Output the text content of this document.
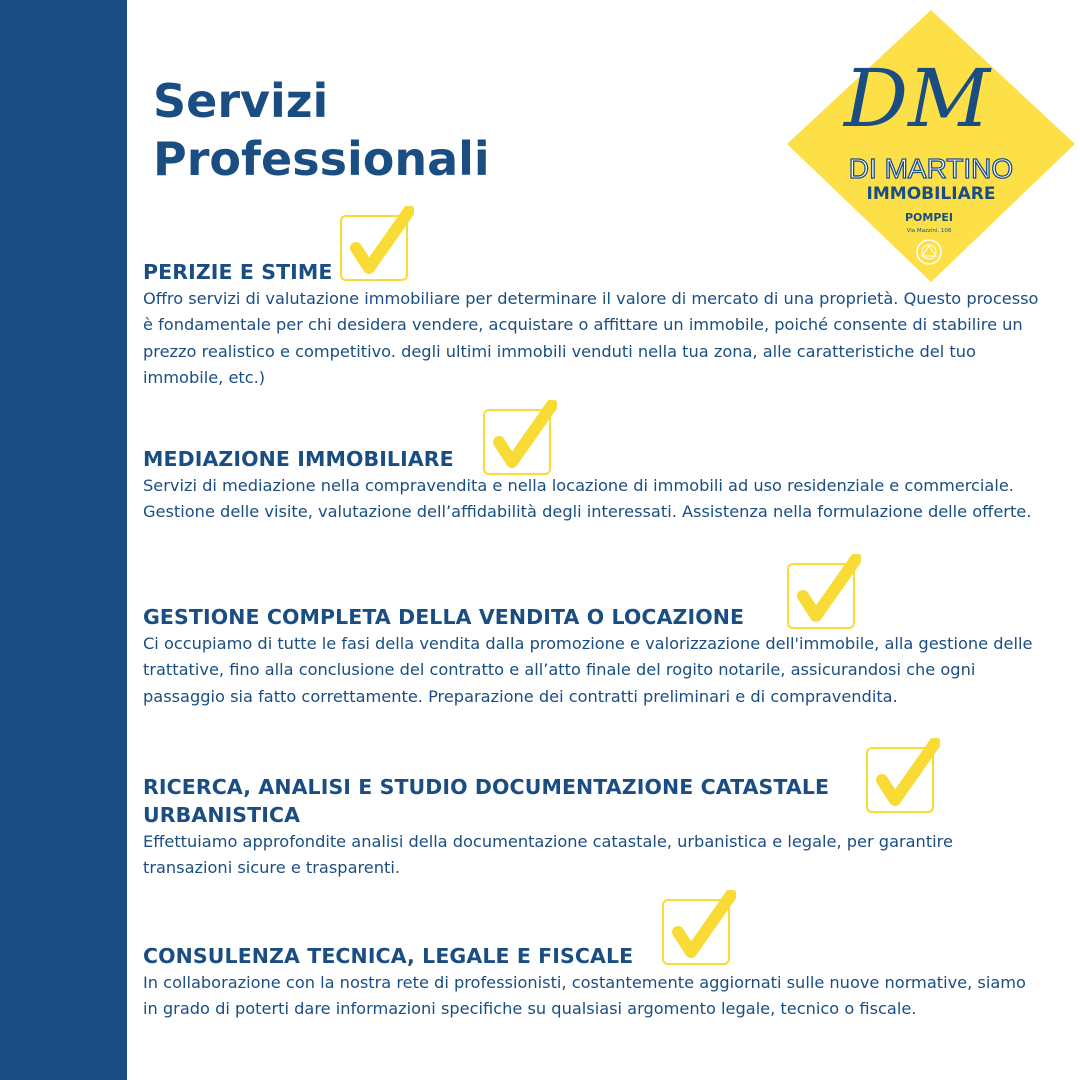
Servizi
Professionali
DM
DI MARTINO
IMMOBILIARE
POMPEI
Via Mazzini, 108
PERIZIE E STIME

Offro servizi di valutazione immobiliare per determinare il valore di mercato di una proprietà. Questo processo è fondamentale per chi desidera vendere, acquistare o affittare un immobile, poiché consente di stabilire un prezzo realistico e competitivo. degli ultimi immobili venduti nella tua zona, alle caratteristiche del tuo immobile, etc.)

MEDIAZIONE IMMOBILIARE

Servizi di mediazione nella compravendita e nella locazione di immobili ad uso residenziale e commerciale. Gestione delle visite, valutazione dell’affidabilità degli interessati. Assistenza nella formulazione delle offerte.

GESTIONE COMPLETA DELLA VENDITA O LOCAZIONE

Ci occupiamo di tutte le fasi della vendita dalla promozione e valorizzazione dell'immobile, alla gestione delle trattative, fino alla conclusione del contratto e all’atto finale del rogito notarile, assicurandosi che ogni passaggio sia fatto correttamente. Preparazione dei contratti preliminari e di compravendita.

RICERCA, ANALISI E STUDIO DOCUMENTAZIONE CATASTALE URBANISTICA

Effettuiamo approfondite analisi della documentazione catastale, urbanistica e legale, per garantire transazioni sicure e trasparenti.

CONSULENZA TECNICA, LEGALE E FISCALE

In collaborazione con la nostra rete di professionisti, costantemente aggiornati sulle nuove normative, siamo in grado di poterti dare informazioni specifiche su qualsiasi argomento legale, tecnico o fiscale.
